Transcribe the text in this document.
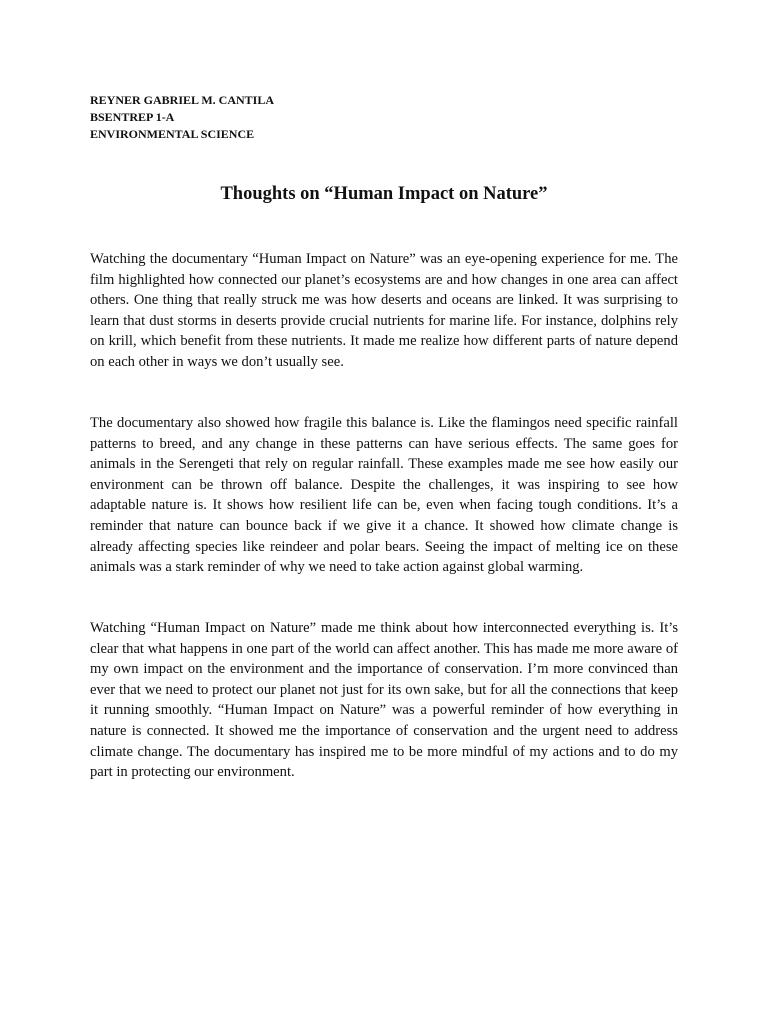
REYNER GABRIEL M. CANTILA
BSENTREP 1-A
ENVIRONMENTAL SCIENCE
Thoughts on “Human Impact on Nature”

Watching the documentary “Human Impact on Nature” was an eye-opening experience for me. The film highlighted how connected our planet’s ecosystems are and how changes in one area can affect others. One thing that really struck me was how deserts and oceans are linked. It was surprising to learn that dust storms in deserts provide crucial nutrients for marine life. For instance, dolphins rely on krill, which benefit from these nutrients. It made me realize how different parts of nature depend on each other in ways we don’t usually see.

The documentary also showed how fragile this balance is. Like the flamingos need specific rainfall patterns to breed, and any change in these patterns can have serious effects. The same goes for animals in the Serengeti that rely on regular rainfall. These examples made me see how easily our environment can be thrown off balance. Despite the challenges, it was inspiring to see how adaptable nature is. It shows how resilient life can be, even when facing tough conditions. It’s a reminder that nature can bounce back if we give it a chance. It showed how climate change is already affecting species like reindeer and polar bears. Seeing the impact of melting ice on these animals was a stark reminder of why we need to take action against global warming.

Watching “Human Impact on Nature” made me think about how interconnected everything is. It’s clear that what happens in one part of the world can affect another. This has made me more aware of my own impact on the environment and the importance of conservation. I’m more convinced than ever that we need to protect our planet not just for its own sake, but for all the connections that keep it running smoothly. “Human Impact on Nature” was a powerful reminder of how everything in nature is connected. It showed me the importance of conservation and the urgent need to address climate change. The documentary has inspired me to be more mindful of my actions and to do my part in protecting our environment.
